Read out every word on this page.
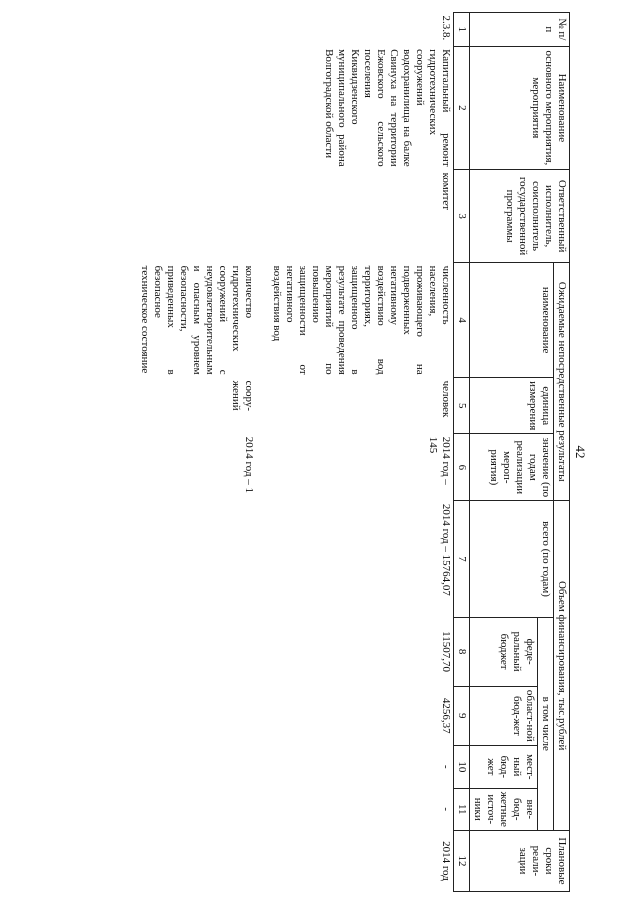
42
№ п/п	Наименование основного мероприятия, мероприятия	Ответственный исполнитель, соисполнитель государственной программы	Ожидаемые непосредственные результаты			Объем финансирования, тыс.рублей					Плановые сроки реали-зации
			наименование	единица измерения	значение (по годам реализации мероп-риятия)	всего (по годам)	в том числе				
							феде-ральный бюджет	област-ной бюд-жет	мест-ный бюд-жет	вне-бюд-жетные источ-ники	
1	2	3	4	5	6	7	8	9	10	11	12
2.3.8.	Капитальный ремонт гидротехнических сооружений водохранилища на балке Свинуха на территории Ежовского сельского поселения Киквидзенского муниципального района Волгоградской области	комитет	численность населения, проживающего на подверженных негативному воздействию вод территориях, защищенного в результате проведения мероприятий по повышению защищенности от негативного воздействия вод	человек	2014 год – 145	2014 год – 15764,07	11507,70	4256,37	-	-	2014 год
			количество гидротехнических сооружений с неудовлетворительным и опасным уровнем безопасности, приведенных в безопасное техническое состояние	соору-жений	2014 год – 1						
